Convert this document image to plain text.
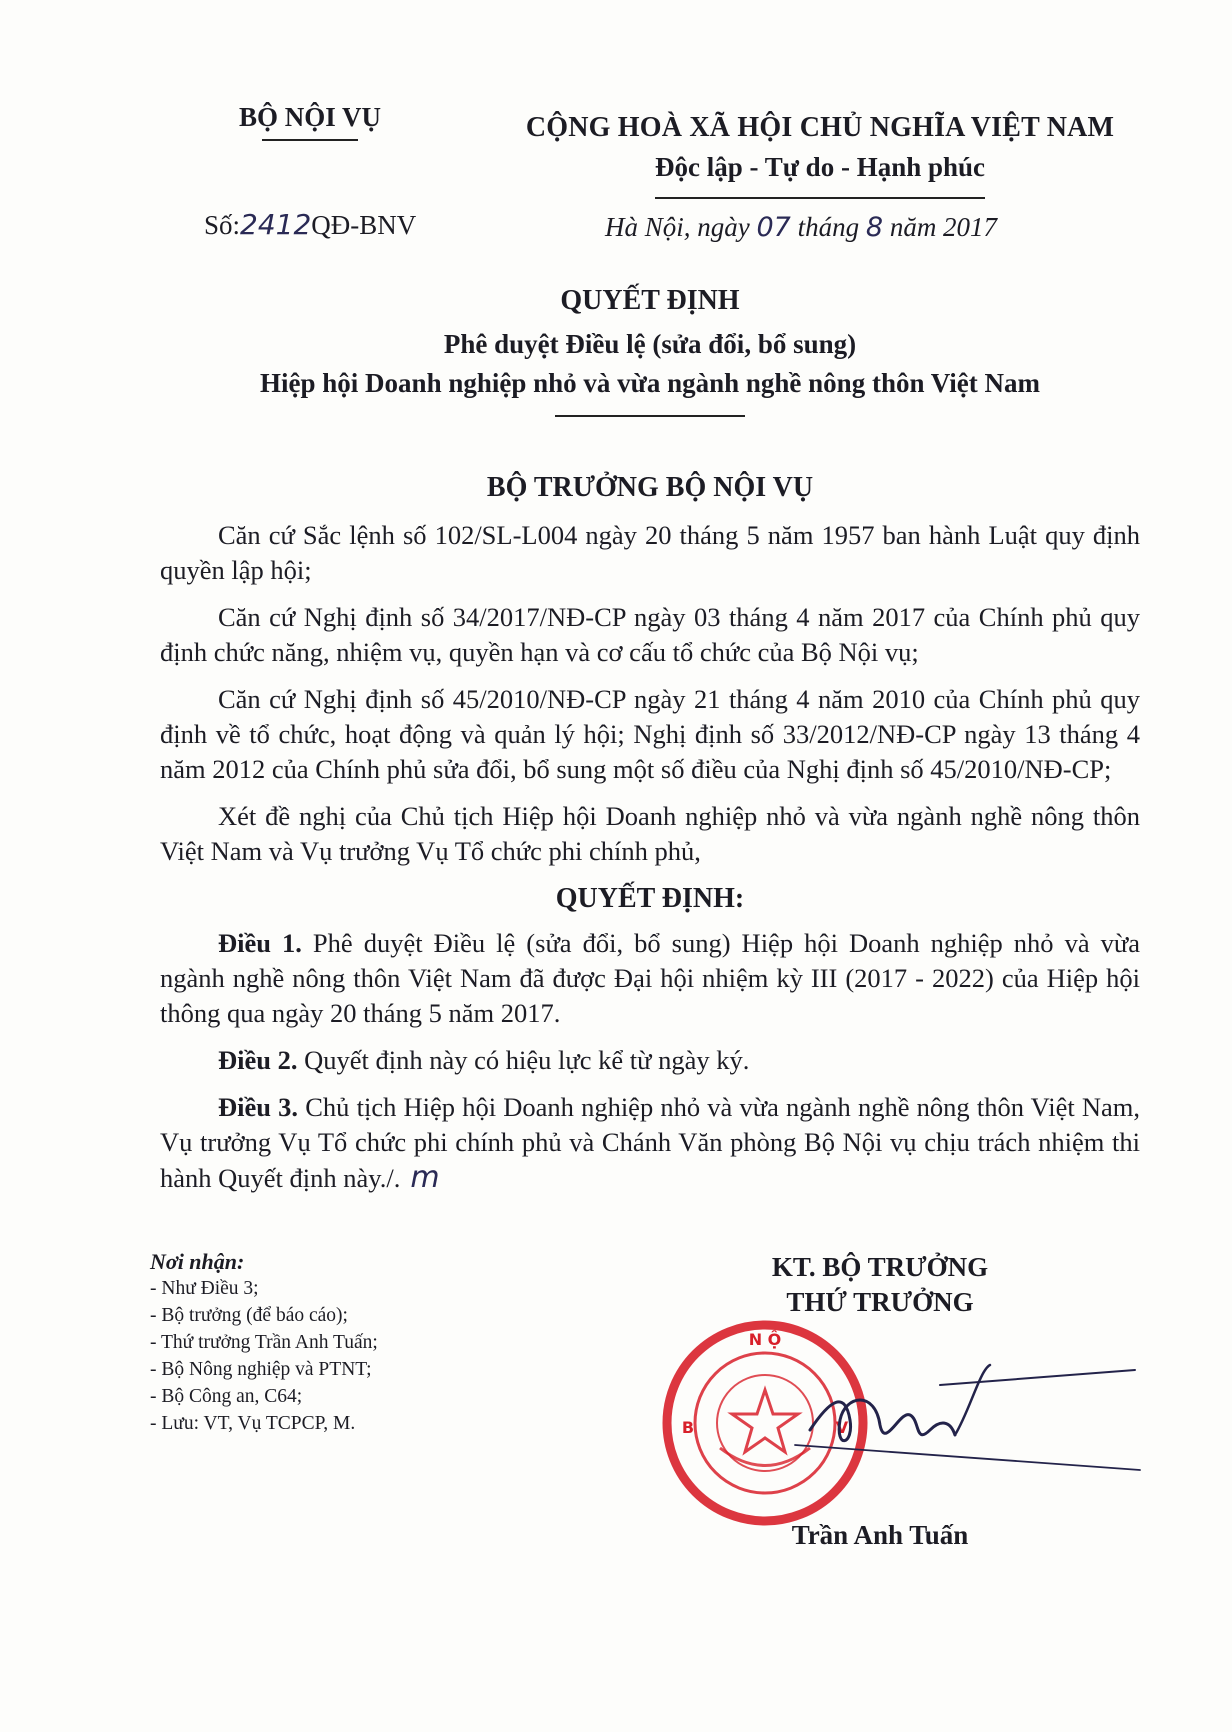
BỘ NỘI VỤ	CỘNG HOÀ XÃ HỘI CHỦ NGHĨA VIỆT NAM
Độc lập - Tự do - Hạnh phúc
Số:2412QĐ-BNV	Hà Nội, ngày 07 tháng 8 năm 2017
QUYẾT ĐỊNH
Phê duyệt Điều lệ (sửa đổi, bổ sung)
Hiệp hội Doanh nghiệp nhỏ và vừa ngành nghề nông thôn Việt Nam
BỘ TRƯỞNG BỘ NỘI VỤ

Căn cứ Sắc lệnh số 102/SL-L004 ngày 20 tháng 5 năm 1957 ban hành Luật quy định quyền lập hội;

Căn cứ Nghị định số 34/2017/NĐ-CP ngày 03 tháng 4 năm 2017 của Chính phủ quy định chức năng, nhiệm vụ, quyền hạn và cơ cấu tổ chức của Bộ Nội vụ;

Căn cứ Nghị định số 45/2010/NĐ-CP ngày 21 tháng 4 năm 2010 của Chính phủ quy định về tổ chức, hoạt động và quản lý hội; Nghị định số 33/2012/NĐ-CP ngày 13 tháng 4 năm 2012 của Chính phủ sửa đổi, bổ sung một số điều của Nghị định số 45/2010/NĐ-CP;

Xét đề nghị của Chủ tịch Hiệp hội Doanh nghiệp nhỏ và vừa ngành nghề nông thôn Việt Nam và Vụ trưởng Vụ Tổ chức phi chính phủ,

QUYẾT ĐỊNH:

Điều 1. Phê duyệt Điều lệ (sửa đổi, bổ sung) Hiệp hội Doanh nghiệp nhỏ và vừa ngành nghề nông thôn Việt Nam đã được Đại hội nhiệm kỳ III (2017 - 2022) của Hiệp hội thông qua ngày 20 tháng 5 năm 2017.

Điều 2. Quyết định này có hiệu lực kể từ ngày ký.

Điều 3. Chủ tịch Hiệp hội Doanh nghiệp nhỏ và vừa ngành nghề nông thôn Việt Nam, Vụ trưởng Vụ Tổ chức phi chính phủ và Chánh Văn phòng Bộ Nội vụ chịu trách nhiệm thi hành Quyết định này./. m

Nơi nhận:
- Như Điều 3;
- Bộ trưởng (để báo cáo);
- Thứ trưởng Trần Anh Tuấn;
- Bộ Nông nghiệp và PTNT;
- Bộ Công an, C64;
- Lưu: VT, Vụ TCPCP, M.
KT. BỘ TRƯỞNG
THỨ TRƯỞNG
N Ộ
B	V
Trần Anh Tuấn
